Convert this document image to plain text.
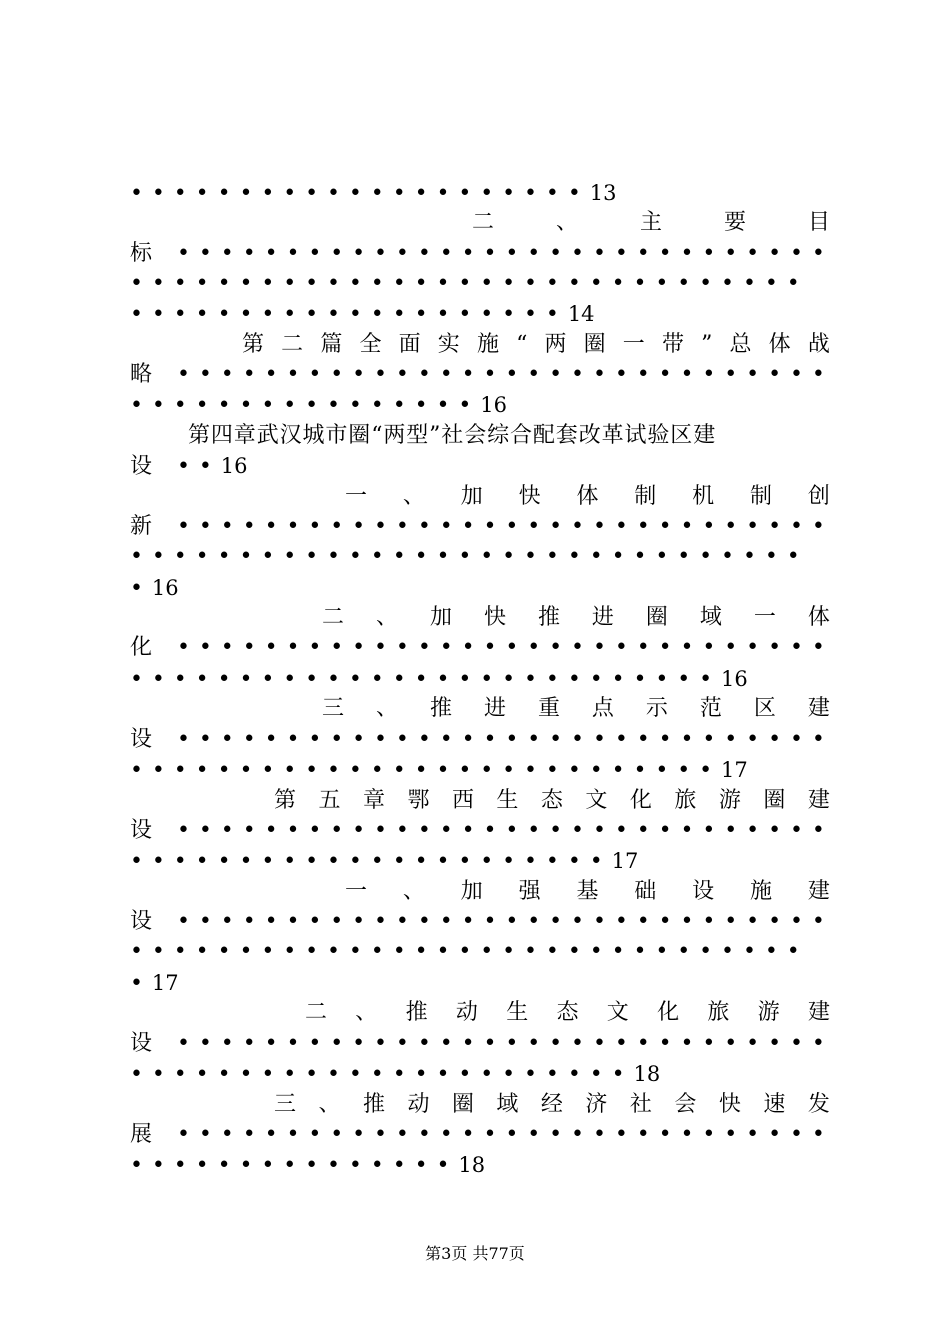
• • • • • • • • • • • • • • • • • • • • • 13
二	、	主	要	目
标 • • • • • • • • • • • • • • • • • • • • • • • • • • • • • •
• • • • • • • • • • • • • • • • • • • • • • • • • • • • • • •
• • • • • • • • • • • • • • • • • • • • 14
第 二 篇 全 面 实 施 “ 两 圈 一 带 ” 总 体 战
略 • • • • • • • • • • • • • • • • • • • • • • • • • • • • • •
• • • • • • • • • • • • • • • • 16
第四章武汉城市圈“两型”社会综合配套改革试验区建
设 • • 16
一 、 加 快 体 制 机 制 创
新 • • • • • • • • • • • • • • • • • • • • • • • • • • • • • •
• • • • • • • • • • • • • • • • • • • • • • • • • • • • • • •
• 16
二 、 加 快 推 进 圈 域 一 体
化 • • • • • • • • • • • • • • • • • • • • • • • • • • • • • •
• • • • • • • • • • • • • • • • • • • • • • • • • • • 16
三 、 推 进 重 点 示 范 区 建
设 • • • • • • • • • • • • • • • • • • • • • • • • • • • • • •
• • • • • • • • • • • • • • • • • • • • • • • • • • • 17
第 五 章 鄂 西 生 态 文 化 旅 游 圈 建
设 • • • • • • • • • • • • • • • • • • • • • • • • • • • • • •
• • • • • • • • • • • • • • • • • • • • • • 17
一 、 加 强 基 础 设 施 建
设 • • • • • • • • • • • • • • • • • • • • • • • • • • • • • •
• • • • • • • • • • • • • • • • • • • • • • • • • • • • • • •
• 17
二 、 推 动 生 态 文 化 旅 游 建
设 • • • • • • • • • • • • • • • • • • • • • • • • • • • • • •
• • • • • • • • • • • • • • • • • • • • • • • 18
三 、 推 动 圈 域 经 济 社 会 快 速 发
展 • • • • • • • • • • • • • • • • • • • • • • • • • • • • • •
• • • • • • • • • • • • • • • 18
第3页 共77页
